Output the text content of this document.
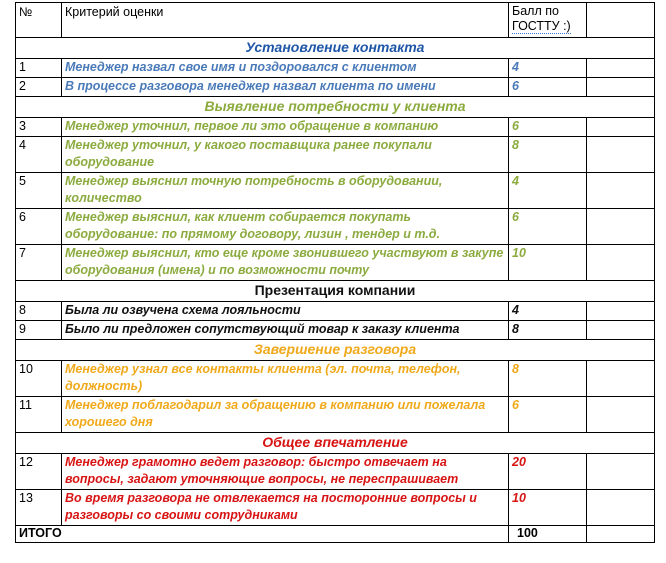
№	Критерий оценки	Балл по
ГОСТТУ :)	
Установление контакта			
1	Менеджер назвал свое имя и поздоровался с клиентом	4	
2	В процессе разговора менеджер назвал клиента по имени	6	
Выявление потребности у клиента			
3	Менеджер уточнил, первое ли это обращение в компанию	6	
4	Менеджер уточнил, у какого поставщика ранее покупали оборудование	8	
5	Менеджер выяснил точную потребность в оборудовании, количество	4	
6	Менеджер выяснил, как клиент собирается покупать оборудование: по прямому договору, лизин , тендер и т.д.	6	
7	Менеджер выяснил, кто еще кроме звонившего участвуют в закупе оборудования (имена) и по возможности почту	10	
Презентация компании			
8	Была ли озвучена схема лояльности	4	
9	Было ли предложен сопутствующий товар к заказу клиента	8	
Завершение разговора			
10	Менеджер узнал все контакты клиента (эл. почта, телефон, должность)	8	
11	Менеджер поблагодарил за обращению в компанию или пожелала хорошего дня	6	
Общее впечатление			
12	Менеджер грамотно ведет разговор: быстро отвечает на вопросы, задают уточняющие вопросы, не переспрашивает	20	
13	Во время разговора не отвлекается на посторонние вопросы и разговоры со своими сотрудниками	10	
ИТОГО		100	
